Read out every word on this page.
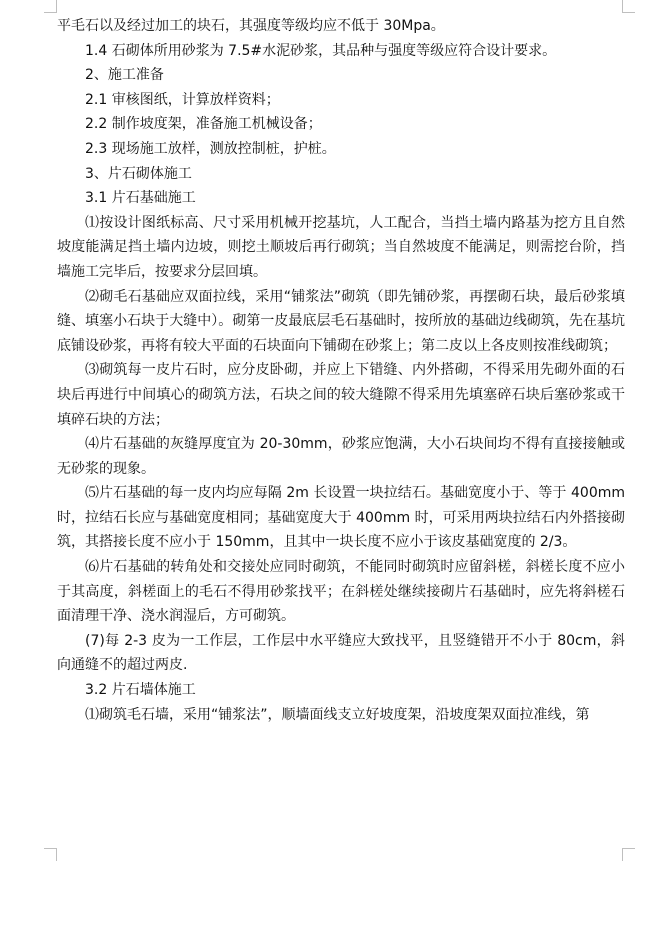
平毛石以及经过加工的块石，其强度等级均应不低于 30Mpa。

1.4 石砌体所用砂浆为 7.5#水泥砂浆，其品种与强度等级应符合设计要求。

2、施工准备

2.1 审核图纸，计算放样资料；

2.2 制作坡度架，准备施工机械设备；

2.3 现场施工放样，测放控制桩，护桩。

3、片石砌体施工

3.1 片石基础施工

⑴按设计图纸标高、尺寸采用机械开挖基坑，人工配合，当挡土墙内路基为挖方且自然坡度能满足挡土墙内边坡，则挖土顺坡后再行砌筑；当自然坡度不能满足，则需挖台阶，挡墙施工完毕后，按要求分层回填。

⑵砌毛石基础应双面拉线，采用“铺浆法”砌筑（即先铺砂浆，再摆砌石块，最后砂浆填缝、填塞小石块于大缝中）。砌第一皮最底层毛石基础时，按所放的基础边线砌筑，先在基坑底铺设砂浆，再将有较大平面的石块面向下铺砌在砂浆上；第二皮以上各皮则按准线砌筑；

⑶砌筑每一皮片石时，应分皮卧砌，并应上下错缝、内外搭砌，不得采用先砌外面的石块后再进行中间填心的砌筑方法，石块之间的较大缝隙不得采用先填塞碎石块后塞砂浆或干填碎石块的方法；

⑷片石基础的灰缝厚度宜为 20-30mm，砂浆应饱满，大小石块间均不得有直接接触或无砂浆的现象。

⑸片石基础的每一皮内均应每隔 2m 长设置一块拉结石。基础宽度小于、等于 400mm 时，拉结石长应与基础宽度相同；基础宽度大于 400mm 时，可采用两块拉结石内外搭接砌筑，其搭接长度不应小于 150mm，且其中一块长度不应小于该皮基础宽度的 2/3。

⑹片石基础的转角处和交接处应同时砌筑，不能同时砌筑时应留斜槎，斜槎长度不应小于其高度，斜槎面上的毛石不得用砂浆找平；在斜槎处继续接砌片石基础时，应先将斜槎石面清理干净、浇水润湿后，方可砌筑。

(7)每 2-3 皮为一工作层，工作层中水平缝应大致找平，且竖缝错开不小于 80cm，斜向通缝不的超过两皮.

3.2 片石墙体施工

⑴砌筑毛石墙，采用“铺浆法”，顺墙面线支立好坡度架，沿坡度架双面拉准线，第
